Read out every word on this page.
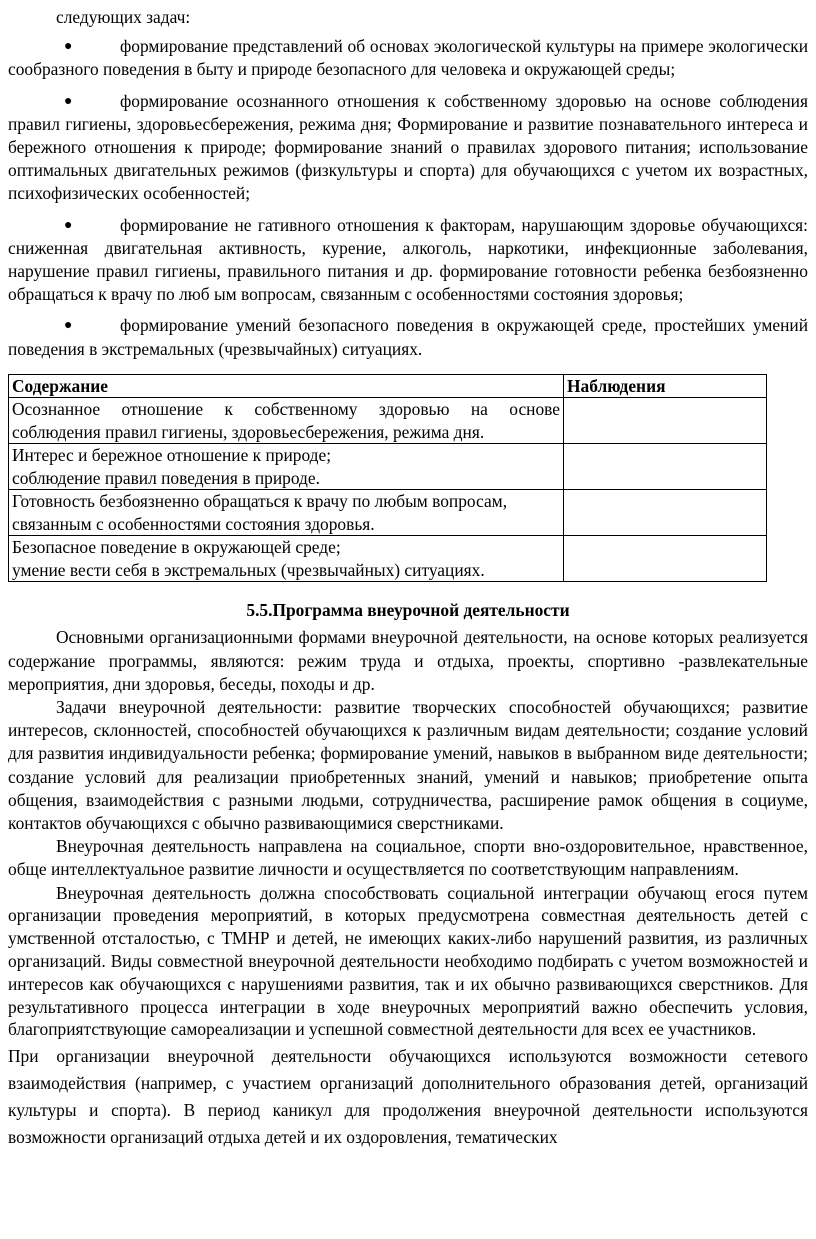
следующих задач:

●	формирование представлений об основах экологической культуры на примере экологически сообразного поведения в быту и природе безопасного для человека и окружающей среды;

●	формирование осознанного отношения к собственному здоровью на основе соблюдения правил гигиены, здоровьесбережения, режима дня; Формирование и развитие познавательного интереса и бережного отношения к природе; формирование знаний о правилах здорового питания; использование оптимальных двигательных режимов (физкультуры и спорта) для обучающихся с учетом их возрастных, психофизических особенностей;

●	формирование не гативного отношения к факторам, нарушающим здоровье обучающихся: сниженная двигательная активность, курение, алкоголь, наркотики, инфекционные заболевания, нарушение правил гигиены, правильного питания и др. формирование готовности ребенка безбоязненно обращаться к врачу по люб ым вопросам, связанным с особенностями состояния здоровья;

●	формирование умений безопасного поведения в окружающей среде, простейших умений поведения в экстремальных (чрезвычайных) ситуациях.

Содержание	Наблюдения

Осознанное отношение к собственному здоровью на основе
соблюдения правил гигиены, здоровьесбережения, режима дня.	

Интерес и бережное отношение к природе;
соблюдение правил поведения в природе.	

Готовность безбоязненно обращаться к врачу по любым вопросам,
связанным с особенностями состояния здоровья.	

Безопасное поведение в окружающей среде;
умение вести себя в экстремальных (чрезвычайных) ситуациях.	

5.5.Программа внеурочной деятельности

Основными организационными формами внеурочной деятельности, на основе которых реализуется содержание программы, являются: режим труда и отдыха, проекты, спортивно -развлекательные мероприятия, дни здоровья, беседы, походы и др.

Задачи внеурочной деятельности: развитие творческих способностей обучающихся; развитие интересов, склонностей, способностей обучающихся к различным видам деятельности; создание условий для развития индивидуальности ребенка; формирование умений, навыков в выбранном виде деятельности; создание условий для реализации приобретенных знаний, умений и навыков; приобретение опыта общения, взаимодействия с разными людьми, сотрудничества, расширение рамок общения в социуме, контактов обучающихся с обычно развивающимися сверстниками.

Внеурочная деятельность направлена на социальное, спорти вно-оздоровительное, нравственное, обще интеллектуальное развитие личности и осуществляется по соответствующим направлениям.

Внеурочная деятельность должна способствовать социальной интеграции обучающ егося путем организации проведения мероприятий, в которых предусмотрена совместная деятельность детей с умственной отсталостью, с ТМНР и детей, не имеющих каких-либо нарушений развития, из различных организаций. Виды совместной внеурочной деятельности необходимо подбирать с учетом возможностей и интересов как обучающихся с нарушениями развития, так и их обычно развивающихся сверстников. Для результативного процесса интеграции в ходе внеурочных мероприятий важно обеспечить условия, благоприятствующие самореализации и успешной совместной деятельности для всех ее участников.

При организации внеурочной деятельности обучающихся используются возможности сетевого взаимодействия (например, с участием организаций дополнительного образования детей, организаций культуры и спорта). В период каникул для продолжения внеурочной деятельности используются возможности организаций отдыха детей и их оздоровления, тематических
